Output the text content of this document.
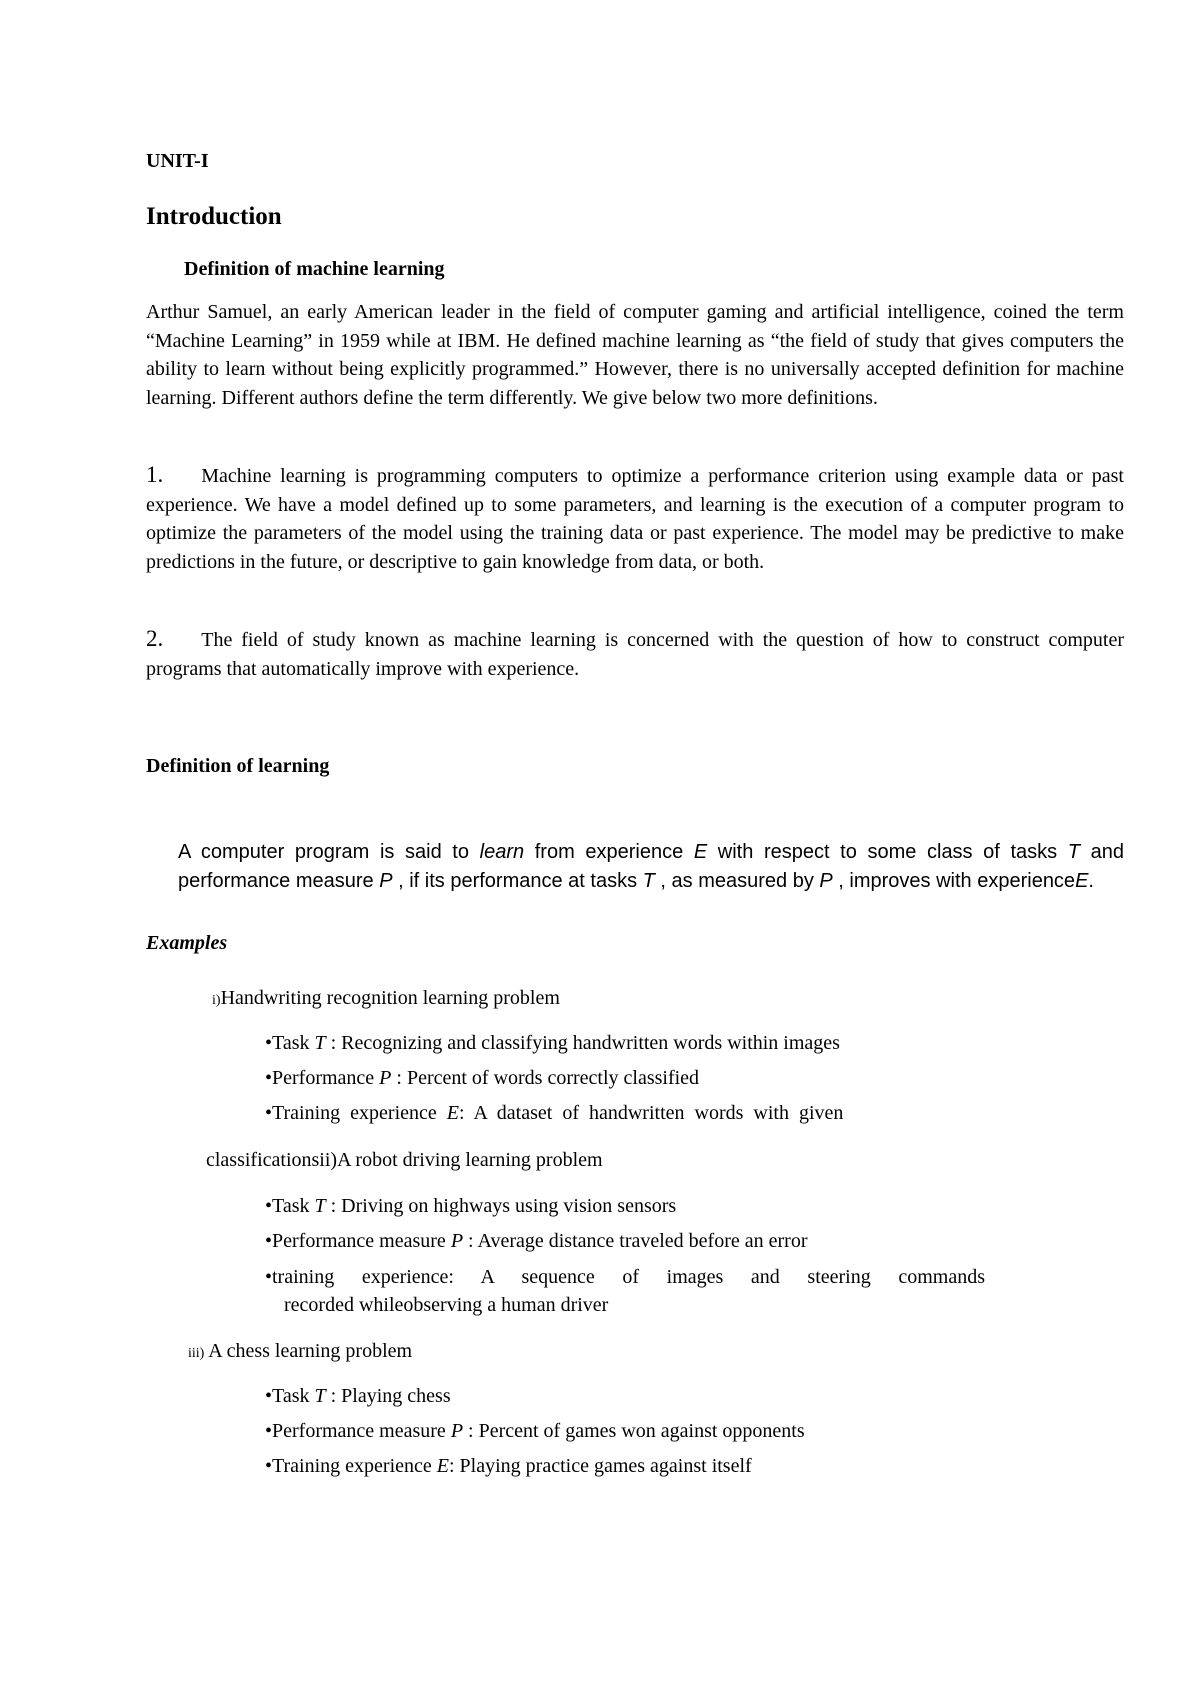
UNIT-I
Introduction
Definition of machine learning

Arthur Samuel, an early American leader in the field of computer gaming and artificial intelligence, coined the term “Machine Learning” in 1959 while at IBM. He defined machine learning as “the field of study that gives computers the ability to learn without being explicitly programmed.” However, there is no universally accepted definition for machine learning. Different authors define the term differently. We give below two more definitions.

1. Machine learning is programming computers to optimize a performance criterion using example data or past experience. We have a model defined up to some parameters, and learning is the execution of a computer program to optimize the parameters of the model using the training data or past experience. The model may be predictive to make predictions in the future, or descriptive to gain knowledge from data, or both.

2. The field of study known as machine learning is concerned with the question of how to construct computer programs that automatically improve with experience.

Definition of learning

A computer program is said to learn from experience E with respect to some class of tasks T and performance measure P , if its performance at tasks T , as measured by P , improves with experienceE.

Examples
i)Handwriting recognition learning problem
•Task T : Recognizing and classifying handwritten words within images
•Performance P : Percent of words correctly classified
•Training experience E: A dataset of handwritten words with given
classificationsii)A robot driving learning problem
•Task T : Driving on highways using vision sensors
•Performance measure P : Average distance traveled before an error
•training experience: A sequence of images and steering commands
recorded whileobserving a human driver
iii) A chess learning problem
•Task T : Playing chess
•Performance measure P : Percent of games won against opponents
•Training experience E: Playing practice games against itself
